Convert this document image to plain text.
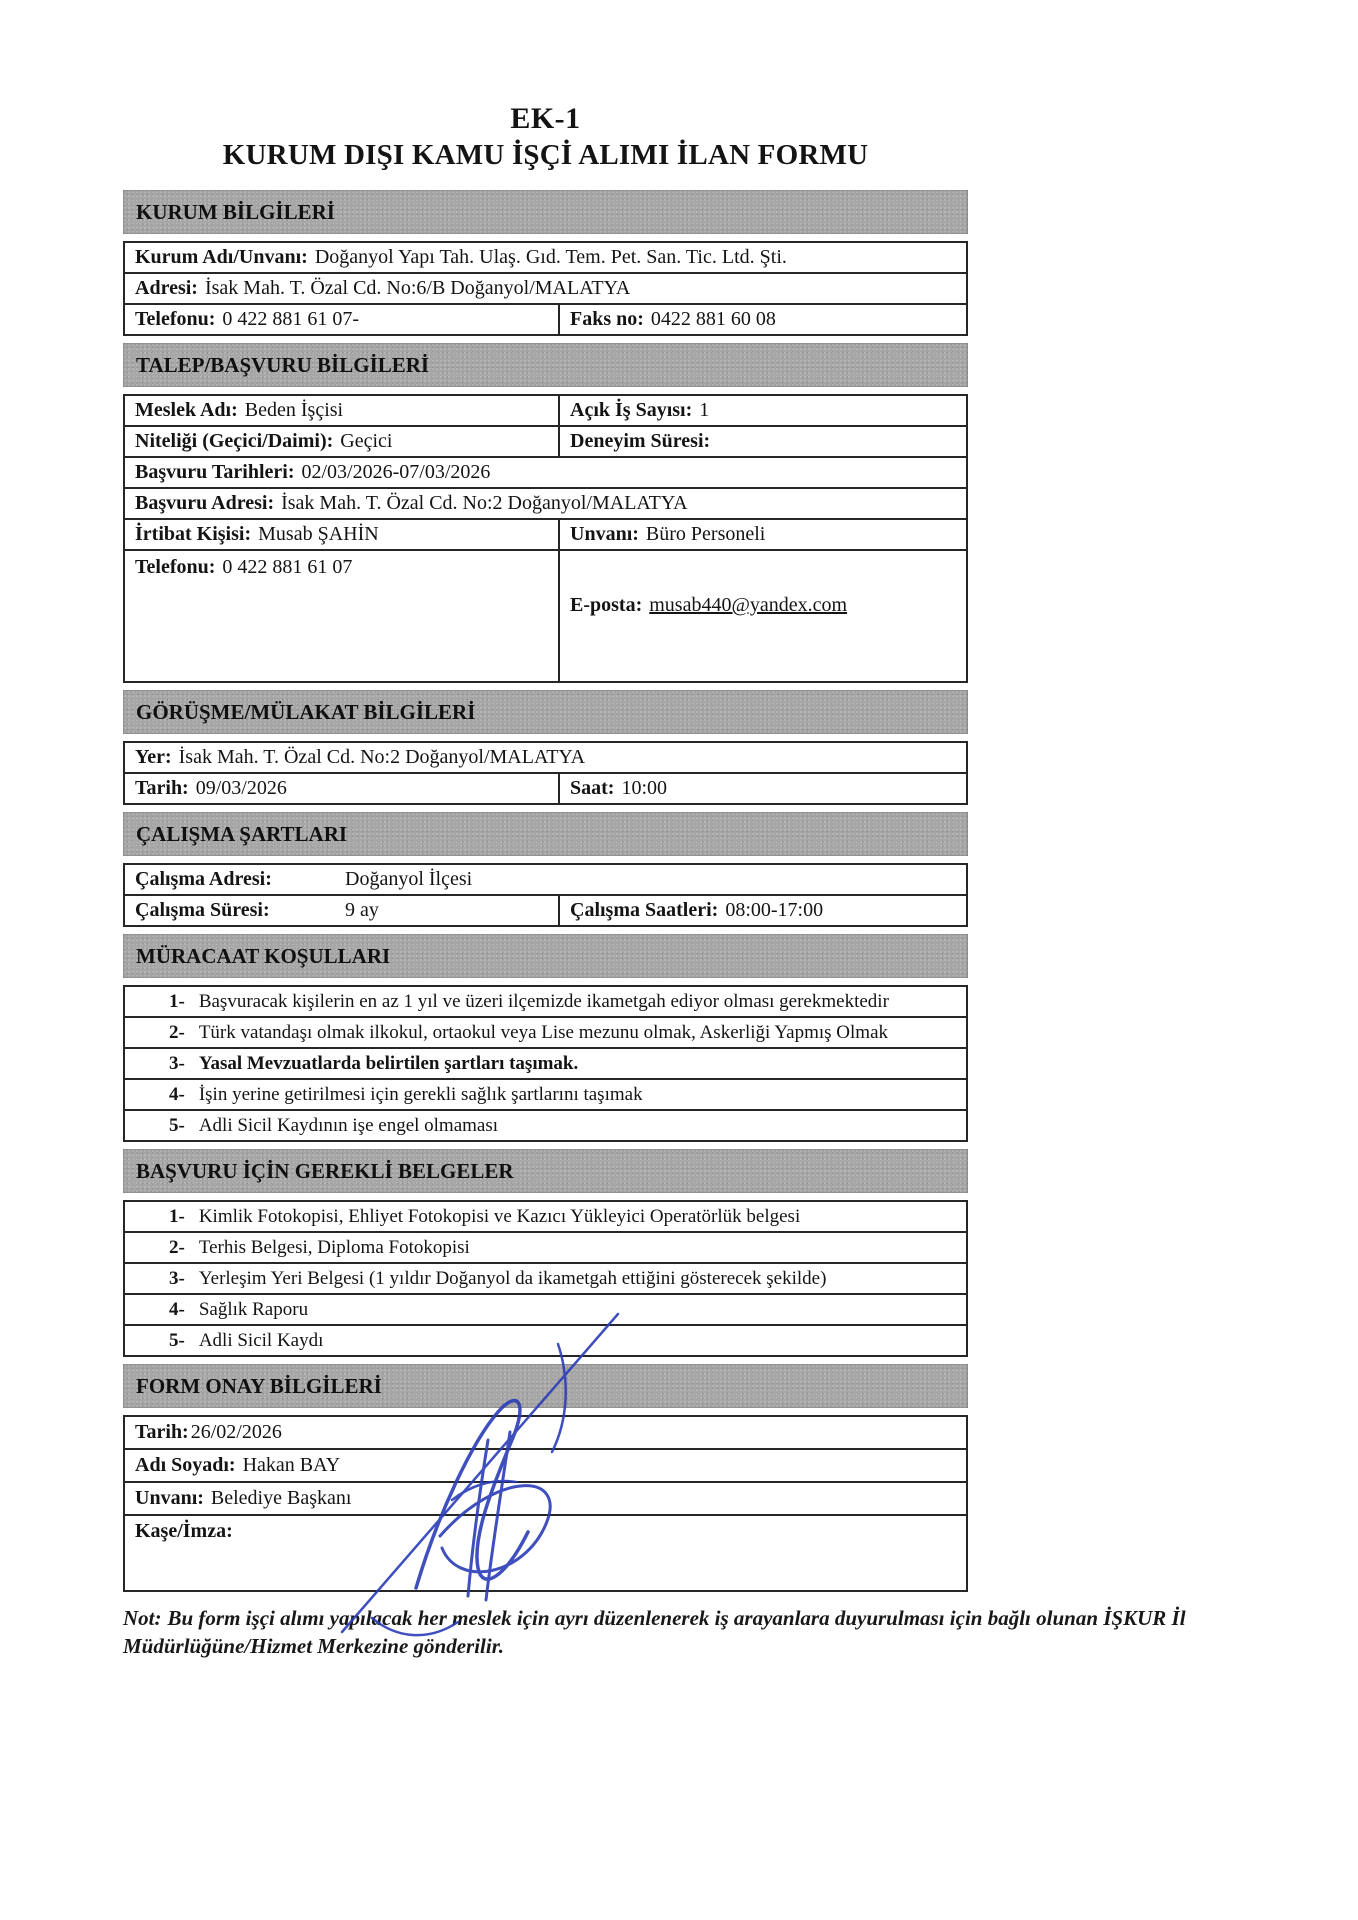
EK-1
KURUM DIŞI KAMU İŞÇİ ALIMI İLAN FORMU
KURUM BİLGİLERİ
Kurum Adı/Unvanı: Doğanyol Yapı Tah. Ulaş. Gıd. Tem. Pet. San. Tic. Ltd. Şti.
Adresi: İsak Mah. T. Özal Cd. No:6/B Doğanyol/MALATYA
Telefonu: 0 422 881 61 07-	Faks no: 0422 881 60 08
TALEP/BAŞVURU BİLGİLERİ
Meslek Adı: Beden İşçisi	Açık İş Sayısı: 1
Niteliği (Geçici/Daimi): Geçici	Deneyim Süresi:
Başvuru Tarihleri: 02/03/2026-07/03/2026
Başvuru Adresi: İsak Mah. T. Özal Cd. No:2 Doğanyol/MALATYA
İrtibat Kişisi: Musab ŞAHİN	Unvanı: Büro Personeli
Telefonu: 0 422 881 61 07
E-posta: musab440@yandex.com
GÖRÜŞME/MÜLAKAT BİLGİLERİ
Yer: İsak Mah. T. Özal Cd. No:2 Doğanyol/MALATYA
Tarih: 09/03/2026	Saat: 10:00
ÇALIŞMA ŞARTLARI
Çalışma Adresi:	Doğanyol İlçesi
Çalışma Süresi:	9 ay	Çalışma Saatleri: 08:00-17:00
MÜRACAAT KOŞULLARI
1- Başvuracak kişilerin en az 1 yıl ve üzeri ilçemizde ikametgah ediyor olması gerekmektedir
2- Türk vatandaşı olmak ilkokul, ortaokul veya Lise mezunu olmak, Askerliği Yapmış Olmak
3- Yasal Mevzuatlarda belirtilen şartları taşımak.
4- İşin yerine getirilmesi için gerekli sağlık şartlarını taşımak
5- Adli Sicil Kaydının işe engel olmaması
BAŞVURU İÇİN GEREKLİ BELGELER
1- Kimlik Fotokopisi, Ehliyet Fotokopisi ve Kazıcı Yükleyici Operatörlük belgesi
2- Terhis Belgesi, Diploma Fotokopisi
3- Yerleşim Yeri Belgesi (1 yıldır Doğanyol da ikametgah ettiğini gösterecek şekilde)
4- Sağlık Raporu
5- Adli Sicil Kaydı
FORM ONAY BİLGİLERİ
Tarih: 26/02/2026
Adı Soyadı: Hakan BAY
Unvanı: Belediye Başkanı
Kaşe/İmza:
Not: Bu form işçi alımı yapılacak her meslek için ayrı düzenlenerek iş arayanlara duyurulması için bağlı olunan İŞKUR İl Müdürlüğüne/Hizmet Merkezine gönderilir.
